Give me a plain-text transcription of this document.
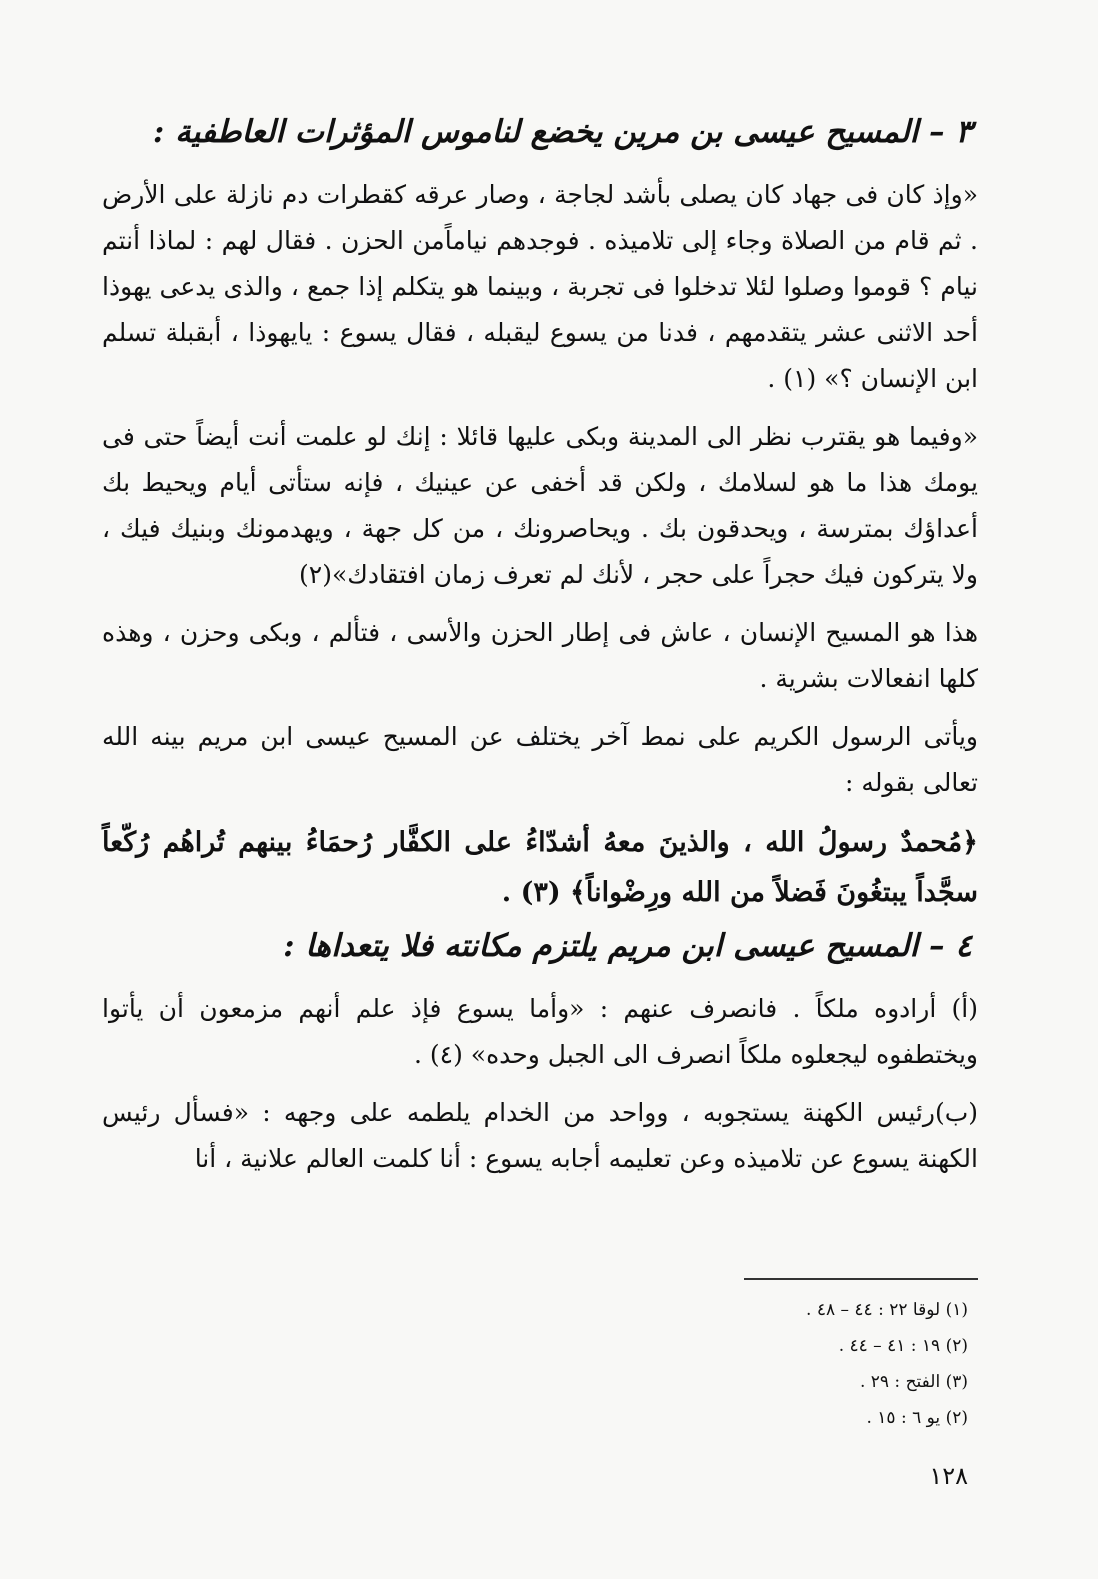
٣ – المسيح عيسى بن مرين يخضع لناموس المؤثرات العاطفية :

«وإذ كان فى جهاد كان يصلى بأشد لجاجة ، وصار عرقه كقطرات دم نازلة على الأرض . ثم قام من الصلاة وجاء إلى تلاميذه . فوجدهم نياماًمن الحزن . فقال لهم : لماذا أنتم نيام ؟ قوموا وصلوا لئلا تدخلوا فى تجربة ، وبينما هو يتكلم إذا جمع ، والذى يدعى يهوذا أحد الاثنى عشر يتقدمهم ، فدنا من يسوع ليقبله ، فقال يسوع : يايهوذا ، أبقبلة تسلم ابن الإنسان ؟» (١) .

«وفيما هو يقترب نظر الى المدينة وبكى عليها قائلا : إنك لو علمت أنت أيضاً حتى فى يومك هذا ما هو لسلامك ، ولكن قد أخفى عن عينيك ، فإنه ستأتى أيام ويحيط بك أعداؤك بمترسة ، ويحدقون بك . ويحاصرونك ، من كل جهة ، ويهدمونك وبنيك فيك ، ولا يتركون فيك حجراً على حجر ، لأنك لم تعرف زمان افتقادك»(٢)

هذا هو المسيح الإنسان ، عاش فى إطار الحزن والأسى ، فتألم ، وبكى وحزن ، وهذه كلها انفعالات بشرية .

ويأتى الرسول الكريم على نمط آخر يختلف عن المسيح عيسى ابن مريم بينه الله تعالى بقوله :

﴿مُحمدٌ رسولُ الله ، والذينَ معهُ أشدّاءُ على الكفَّار رُحمَاءُ بينهم تُراهُم رُكّعاً سجَّداً يبتغُونَ فَضلاً من الله ورِضْواناً﴾ (٣) .

٤ – المسيح عيسى ابن مريم يلتزم مكانته فلا يتعداها :

(أ) أرادوه ملكاً . فانصرف عنهم : «وأما يسوع فإذ علم أنهم مزمعون أن يأتوا ويختطفوه ليجعلوه ملكاً انصرف الى الجبل وحده» (٤) .

(ب)رئيس الكهنة يستجوبه ، وواحد من الخدام يلطمه على وجهه : «فسأل رئيس الكهنة يسوع عن تلاميذه وعن تعليمه أجابه يسوع : أنا كلمت العالم علانية ، أنا

(١) لوقا ٢٢ : ٤٤ – ٤٨ .
(٢) ١٩ : ٤١ – ٤٤ .
(٣) الفتح : ٢٩ .
(٢) يو ٦ : ١٥ .
١٢٨
